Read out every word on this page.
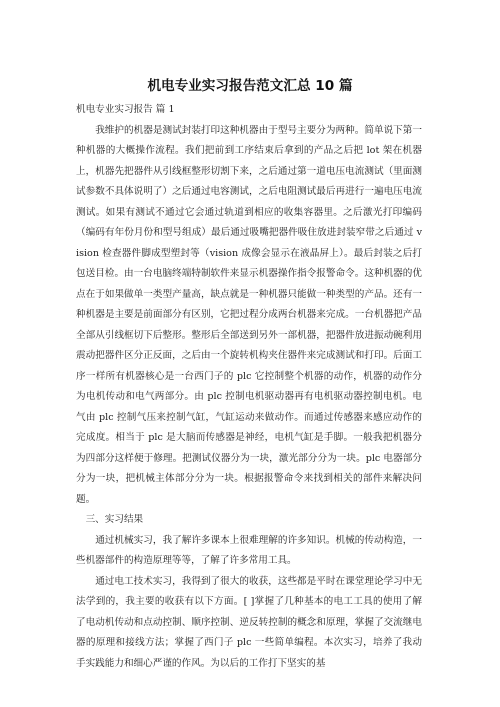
机电专业实习报告范文汇总 10 篇

机电专业实习报告 篇 1

我维护的机器是测试封装打印这种机器由于型号主要分为两种。简单说下第一种机器的大概操作流程。我们把前到工序结束后拿到的产品之后把 lot 架在机器上，机器先把器件从引线框整形切割下来，之后通过第一道电压电流测试（里面测试参数不具体说明了）之后通过电容测试，之后电阻测试最后再进行一遍电压电流测试。如果有测试不通过它会通过轨道到相应的收集容器里。之后激光打印编码（编码有年份月份和型号组成）最后通过吸嘴把器件吸住放进封装窄带之后通过 vision 检查器件脚成型塑封等（vision 成像会显示在液晶屏上）。最后封装之后打包送目检。由一台电脑终端特制软件来显示机器操作指令报警命令。这种机器的优点在于如果做单一类型产量高，缺点就是一种机器只能做一种类型的产品。还有一种机器是主要是前面部分有区别，它把过程分成两台机器来完成。一台机器把产品全部从引线框切下后整形。整形后全部送到另外一部机器，把器件放进振动碗利用震动把器件区分正反面，之后由一个旋转机构夹住器件来完成测试和打印。后面工序一样所有机器核心是一台西门子的 plc 它控制整个机器的动作，机器的动作分为电机传动和电气两部分。由 plc 控制电机驱动器再有电机驱动器控制电机。电气由 plc 控制气压来控制气缸，气缸运动来做动作。而通过传感器来感应动作的完成度。相当于 plc 是大脑而传感器是神经，电机气缸是手脚。一般我把机器分为四部分这样便于修理。把测试仪器分为一块，激光部分分为一块。plc 电器部分分为一块，把机械主体部分分为一块。根据报警命令来找到相关的部件来解决问题。

三、实习结果

通过机械实习，我了解许多课本上很难理解的许多知识。机械的传动构造，一些机器部件的构造原理等等，了解了许多常用工具。

通过电工技术实习，我得到了很大的收获，这些都是平时在课堂理论学习中无法学到的，我主要的收获有以下方面。[ ]掌握了几种基本的电工工具的使用了解了电动机传动和点动控制、顺序控制、逆反转控制的概念和原理，掌握了交流继电器的原理和接线方法；掌握了西门子 plc 一些简单编程。本次实习，培养了我动手实践能力和细心严谨的作风。为以后的工作打下坚实的基
